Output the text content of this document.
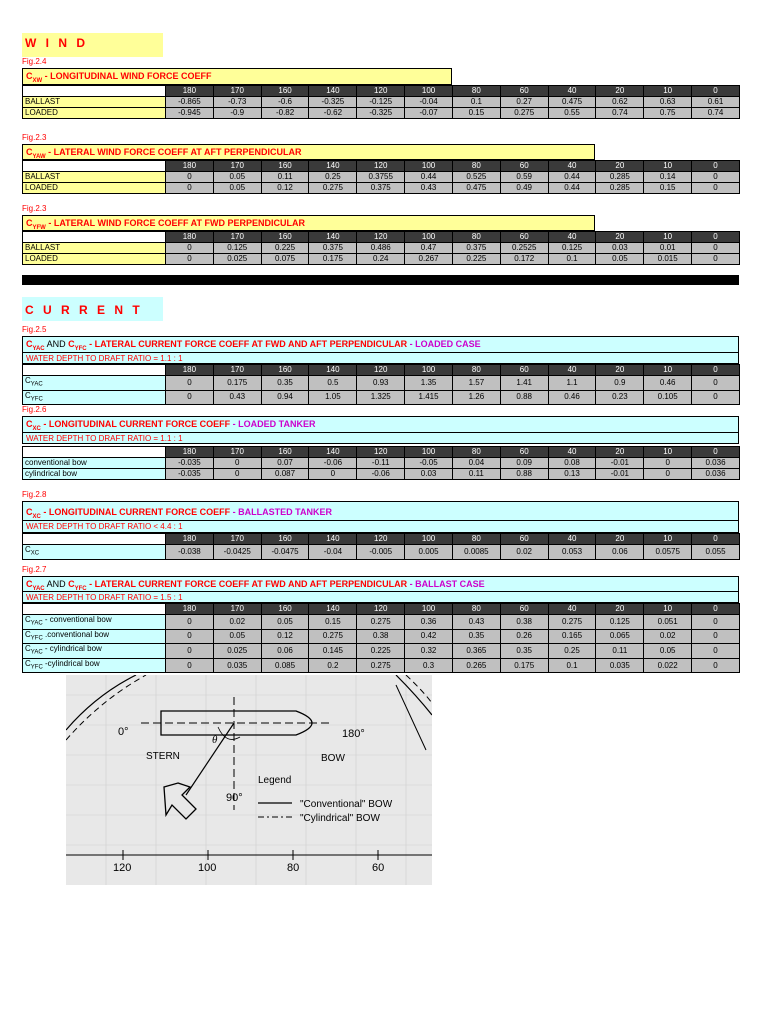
W I N D
Fig.2.4
$C_{XW}$ - LONGITUDINAL WIND FORCE COEFF
	180	170	160	140	120	100	80	60	40	20	10	0
BALLAST	-0.865	-0.73	-0.6	-0.325	-0.125	-0.04	0.1	0.27	0.475	0.62	0.63	0.61
LOADED	-0.945	-0.9	-0.82	-0.62	-0.325	-0.07	0.15	0.275	0.55	0.74	0.75	0.74
Fig.2.3
$C_{YAW}$ - LATERAL WIND FORCE COEFF AT AFT PERPENDICULAR
	180	170	160	140	120	100	80	60	40	20	10	0
BALLAST	0	0.05	0.11	0.25	0.3755	0.44	0.525	0.59	0.44	0.285	0.14	0
LOADED	0	0.05	0.12	0.275	0.375	0.43	0.475	0.49	0.44	0.285	0.15	0
Fig.2.3
$C_{YFW}$ - LATERAL WIND FORCE COEFF AT FWD PERPENDICULAR
	180	170	160	140	120	100	80	60	40	20	10	0
BALLAST	0	0.125	0.225	0.375	0.486	0.47	0.375	0.2525	0.125	0.03	0.01	0
LOADED	0	0.025	0.075	0.175	0.24	0.267	0.225	0.172	0.1	0.05	0.015	0
C U R R E N T
Fig.2.5
$C_{YAC}$ AND $C_{YFC}$ - LATERAL CURRENT FORCE COEFF AT FWD AND AFT PERPENDICULAR - LOADED CASE
WATER DEPTH TO DRAFT RATIO = 1.1 : 1
	180	170	160	140	120	100	80	60	40	20	10	0
$C_{YAC}$	0	0.175	0.35	0.5	0.93	1.35	1.57	1.41	1.1	0.9	0.46	0
$C_{YFC}$	0	0.43	0.94	1.05	1.325	1.415	1.26	0.88	0.46	0.23	0.105	0
Fig.2.6
$C_{XC}$ - LONGITUDINAL CURRENT FORCE COEFF - LOADED TANKER
WATER DEPTH TO DRAFT RATIO = 1.1 : 1
	180	170	160	140	120	100	80	60	40	20	10	0
conventional bow	-0.035	0	0.07	-0.06	-0.11	-0.05	0.04	0.09	0.08	-0.01	0	0.036
cylindrical bow	-0.035	0	0.087	0	-0.06	0.03	0.11	0.88	0.13	-0.01	0	0.036
Fig.2.8
$C_{XC}$ - LONGITUDINAL CURRENT FORCE COEFF - BALLASTED TANKER
WATER DEPTH TO DRAFT RATIO < 4.4 : 1
	180	170	160	140	120	100	80	60	40	20	10	0
$C_{XC}$	-0.038	-0.0425	-0.0475	-0.04	-0.005	0.005	0.0085	0.02	0.053	0.06	0.0575	0.055
Fig.2.7
$C_{YAC}$ AND $C_{YFC}$ - LATERAL CURRENT FORCE COEFF AT FWD AND AFT PERPENDICULAR - BALLAST CASE
WATER DEPTH TO DRAFT RATIO = 1.5 : 1
	180	170	160	140	120	100	80	60	40	20	10	0
$C_{YAC}$ - conventional bow	0	0.02	0.05	0.15	0.275	0.36	0.43	0.38	0.275	0.125	0.051	0
$C_{YFC}$ .conventional bow	0	0.05	0.12	0.275	0.38	0.42	0.35	0.26	0.165	0.065	0.02	0
$C_{YAC}$ - cylindrical bow	0	0.025	0.06	0.145	0.225	0.32	0.365	0.35	0.25	0.11	0.05	0
$C_{YFC}$ -cylindrical bow	0	0.035	0.085	0.2	0.275	0.3	0.265	0.175	0.1	0.035	0.022	0
0°	180°
θ
STERN	BOW
90°
Legend
"Conventional" BOW
"Cylindrical" BOW
120	100	80	60
